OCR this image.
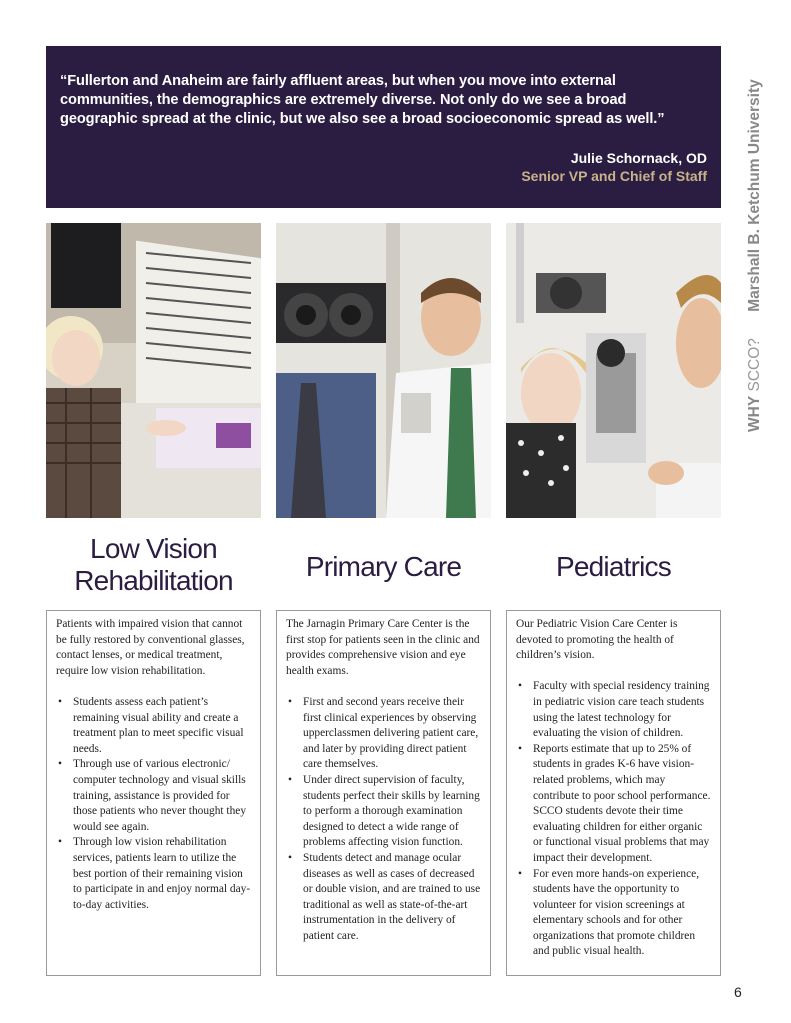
“Fullerton and Anaheim are fairly affluent areas, but when you move into external communities, the demographics are extremely diverse. Not only do we see a broad geographic spread at the clinic, but we also see a broad socioeconomic spread as well.”

Julie Schornack, OD
Senior VP and Chief of Staff
WHY SCCO? Marshall B. Ketchum University
Low Vision
Rehabilitation	Primary Care	Pediatrics

Patients with impaired vision that cannot be fully restored by conventional glasses, contact lenses, or medical treatment, require low vision rehabilitation.

• Students assess each patient’s remaining visual ability and create a treatment plan to meet specific visual needs.
• Through use of various electronic/ computer technology and visual skills training, assistance is provided for those patients who never thought they would see again.
• Through low vision rehabilitation services, patients learn to utilize the best portion of their remaining vision to participate in and enjoy normal day-to-day activities.

The Jarnagin Primary Care Center is the first stop for patients seen in the clinic and provides comprehensive vision and eye health exams.

• First and second years receive their first clinical experiences by observing upperclassmen delivering patient care, and later by providing direct patient care themselves.
• Under direct supervision of faculty, students perfect their skills by learning to perform a thorough examination designed to detect a wide range of problems affecting vision function.
• Students detect and manage ocular diseases as well as cases of decreased or double vision, and are trained to use traditional as well as state-of-the-art instrumentation in the delivery of patient care.

Our Pediatric Vision Care Center is devoted to promoting the health of children’s vision.

• Faculty with special residency training in pediatric vision care teach students using the latest technology for evaluating the vision of children.
• Reports estimate that up to 25% of students in grades K-6 have vision-related problems, which may contribute to poor school performance. SCCO students devote their time evaluating children for either organic or functional visual problems that may impact their development.
• For even more hands-on experience, students have the opportunity to volunteer for vision screenings at elementary schools and for other organizations that promote children and public visual health.
6
